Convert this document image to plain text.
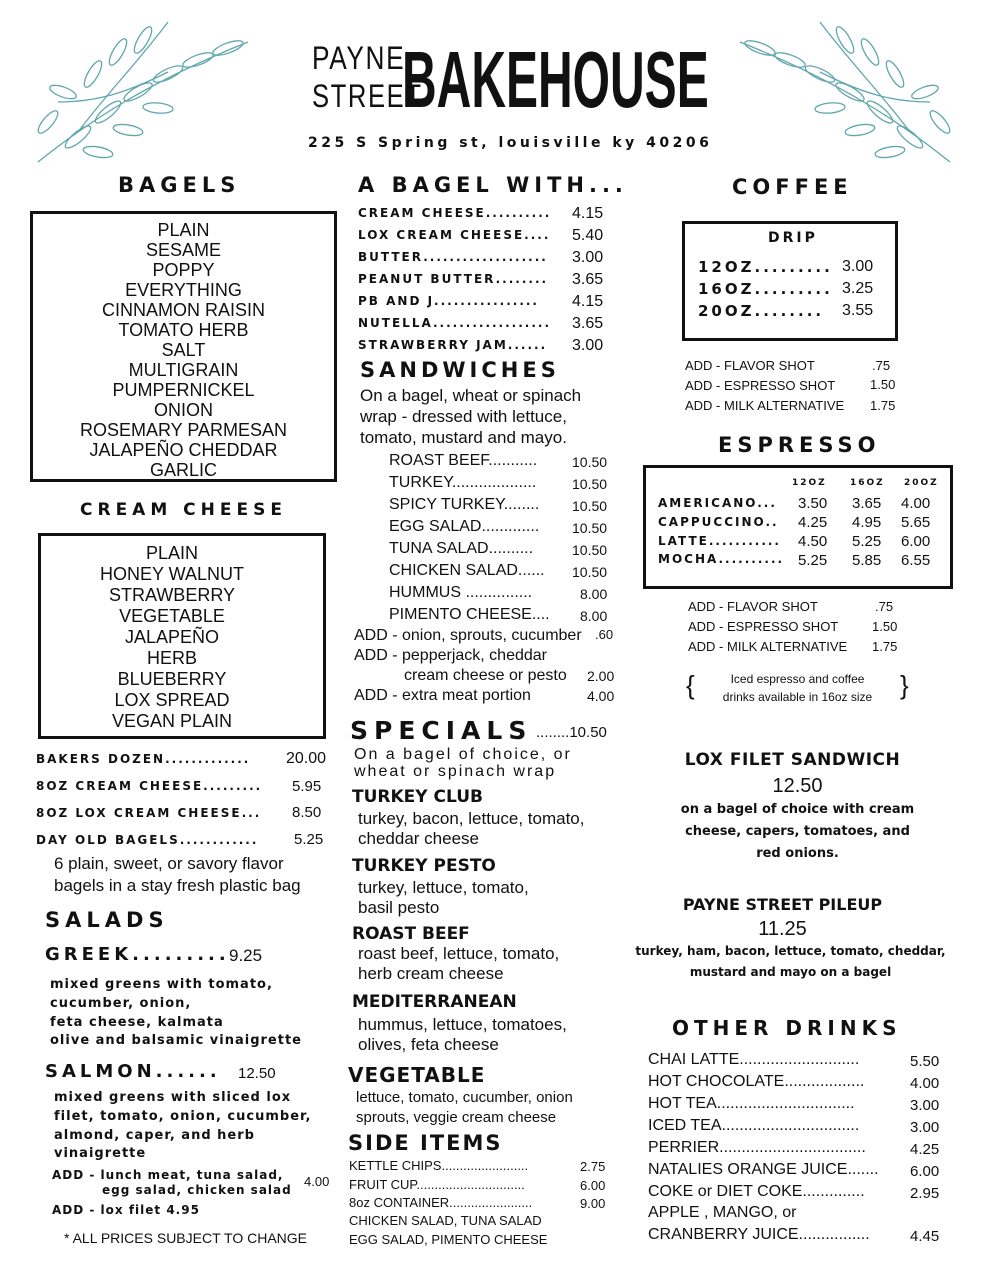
PAYNE
STREET
BAKEHOUSE
225 S Spring st, louisville ky 40206
BAGELS
PLAIN
SESAME
POPPY
EVERYTHING
CINNAMON RAISIN
TOMATO HERB
SALT
MULTIGRAIN
PUMPERNICKEL
ONION
ROSEMARY PARMESAN
JALAPEÑO CHEDDAR
GARLIC
CREAM CHEESE
PLAIN
HONEY WALNUT
STRAWBERRY
VEGETABLE
JALAPEÑO
HERB
BLUEBERRY
LOX SPREAD
VEGAN PLAIN
BAKERS DOZEN............. 20.00
8OZ CREAM CHEESE......... 5.95
8OZ LOX CREAM CHEESE... 8.50
DAY OLD BAGELS............ 5.25
6 plain, sweet, or savory flavor
bagels in a stay fresh plastic bag
SALADS
GREEK......... 9.25
mixed greens with tomato,
cucumber, onion,
feta cheese, kalmata
olive and balsamic vinaigrette
SALMON...... 12.50
mixed greens with sliced lox
filet, tomato, onion, cucumber,
almond, caper, and herb
vinaigrette
ADD - lunch meat, tuna salad,
egg salad, chicken salad
4.00
ADD - lox filet 4.95
* ALL PRICES SUBJECT TO CHANGE
A BAGEL WITH...
CREAM CHEESE.......... 4.15
LOX CREAM CHEESE.... 5.40
BUTTER................... 3.00
PEANUT BUTTER........ 3.65
PB AND J................ 4.15
NUTELLA.................. 3.65
STRAWBERRY JAM...... 3.00
SANDWICHES
On a bagel, wheat or spinach
wrap - dressed with lettuce,
tomato, mustard and mayo.
ROAST BEEF........... 10.50
TURKEY...................	10.50
SPICY TURKEY........ 10.50
EGG SALAD............. 10.50
TUNA SALAD..........	10.50
CHICKEN SALAD...... 10.50
HUMMUS ...............	8.00
PIMENTO CHEESE.... 8.00
ADD - onion, sprouts, cucumber .60
ADD - pepperjack, cheddar
cream cheese or pesto 2.00
ADD - extra meat portion	4.00
SPECIALS ........10.50
On a bagel of choice, or
wheat or spinach wrap
TURKEY CLUB
turkey, bacon, lettuce, tomato,
cheddar cheese
TURKEY PESTO
turkey, lettuce, tomato,
basil pesto
ROAST BEEF
roast beef, lettuce, tomato,
herb cream cheese
MEDITERRANEAN
hummus, lettuce, tomatoes,
olives, feta cheese
VEGETABLE
lettuce, tomato, cucumber, onion
sprouts, veggie cream cheese
SIDE ITEMS
KETTLE CHIPS........................	2.75
FRUIT CUP..............................	6.00
8oz CONTAINER.......................	9.00
CHICKEN SALAD, TUNA SALAD
EGG SALAD, PIMENTO CHEESE
COFFEE
DRIP
12OZ......... 3.00
16OZ......... 3.25
20OZ........ 3.55
ADD - FLAVOR SHOT	.75
ADD - ESPRESSO SHOT	1.50
ADD - MILK ALTERNATIVE 1.75
ESPRESSO
12OZ	16OZ 20OZ
AMERICANO... 3.50 3.65 4.00
CAPPUCCINO.. 4.25 4.95 5.65
LATTE........... 4.50 5.25 6.00
MOCHA.......... 5.25 5.85 6.55
ADD - FLAVOR SHOT	.75
ADD - ESPRESSO SHOT	1.50
ADD - MILK ALTERNATIVE 1.75
{	Iced espresso and coffee
drinks available in 16oz size	}
LOX FILET SANDWICH
12.50
on a bagel of choice with cream
cheese, capers, tomatoes, and
red onions.
PAYNE STREET PILEUP
11.25
turkey, ham, bacon, lettuce, tomato, cheddar,
mustard and mayo on a bagel
OTHER DRINKS
CHAI LATTE...........................	5.50
HOT CHOCOLATE..................	4.00
HOT TEA...............................	3.00
ICED TEA...............................	3.00
PERRIER.................................	4.25
NATALIES ORANGE JUICE....... 6.00
COKE or DIET COKE..............	2.95
APPLE , MANGO, or
CRANBERRY JUICE................	4.45
